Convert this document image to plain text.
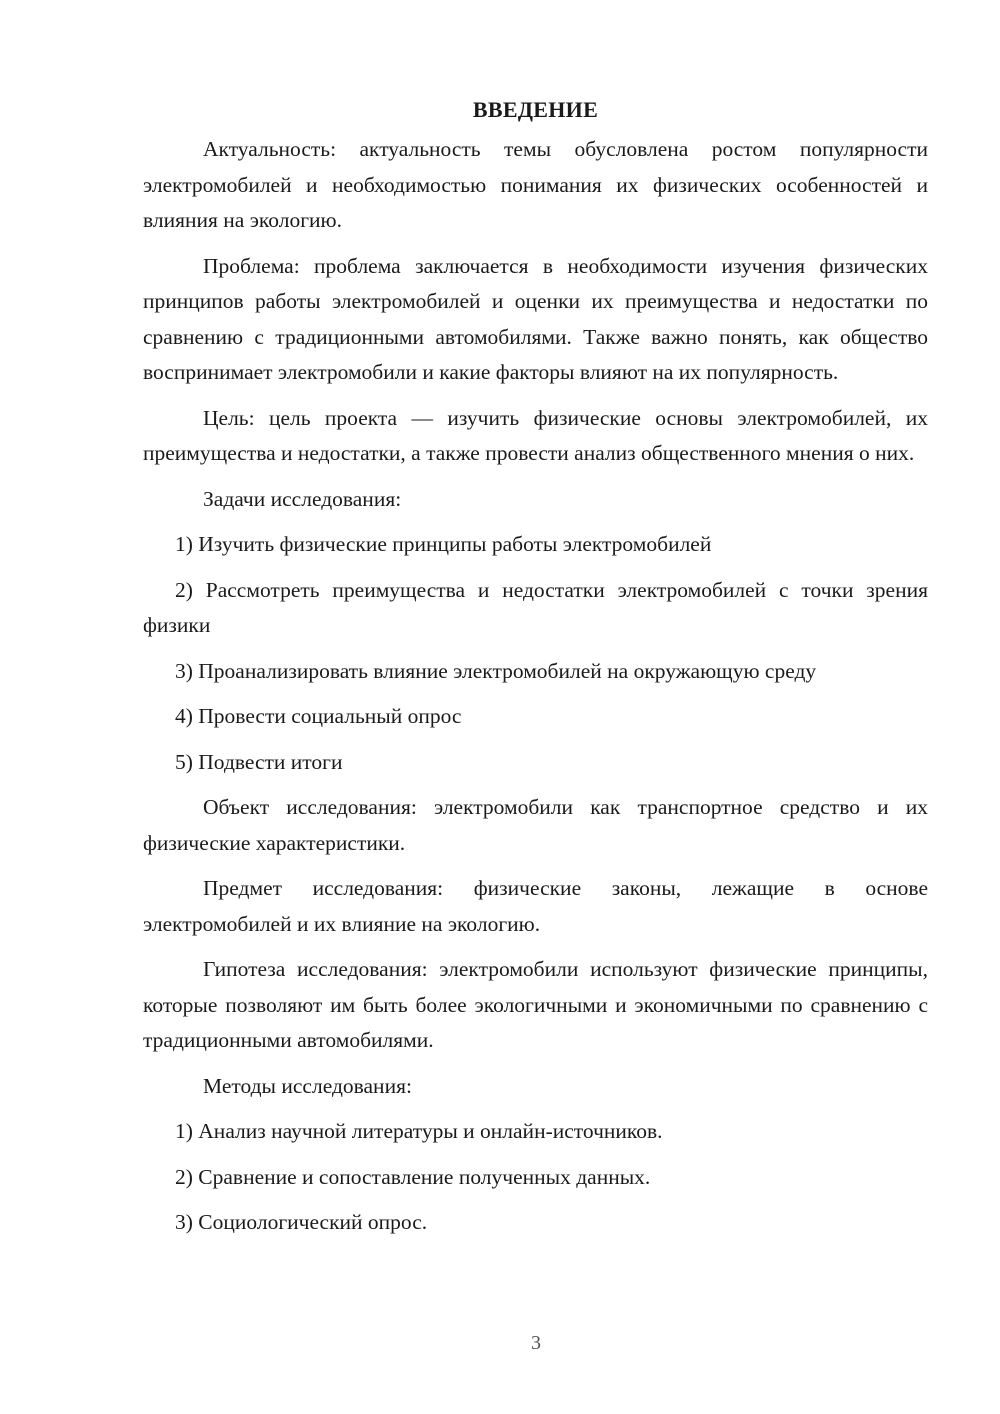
ВВЕДЕНИЕ

Актуальность: актуальность темы обусловлена ростом популярности электромобилей и необходимостью понимания их физических особенностей и влияния на экологию.

Проблема: проблема заключается в необходимости изучения физических принципов работы электромобилей и оценки их преимущества и недостатки по сравнению с традиционными автомобилями. Также важно понять, как общество воспринимает электромобили и какие факторы влияют на их популярность.

Цель: цель проекта — изучить физические основы электромобилей, их преимущества и недостатки, а также провести анализ общественного мнения о них.

Задачи исследования:

1) Изучить физические принципы работы электромобилей

2) Рассмотреть преимущества и недостатки электромобилей с точки зрения физики

3) Проанализировать влияние электромобилей на окружающую среду

4) Провести социальный опрос

5) Подвести итоги

Объект исследования: электромобили как транспортное средство и их физические характеристики.

Предмет исследования: физические законы, лежащие в основе электромобилей и их влияние на экологию.

Гипотеза исследования: электромобили используют физические принципы, которые позволяют им быть более экологичными и экономичными по сравнению с традиционными автомобилями.

Методы исследования:

1) Анализ научной литературы и онлайн-источников.

2) Сравнение и сопоставление полученных данных.

3) Социологический опрос.

3
